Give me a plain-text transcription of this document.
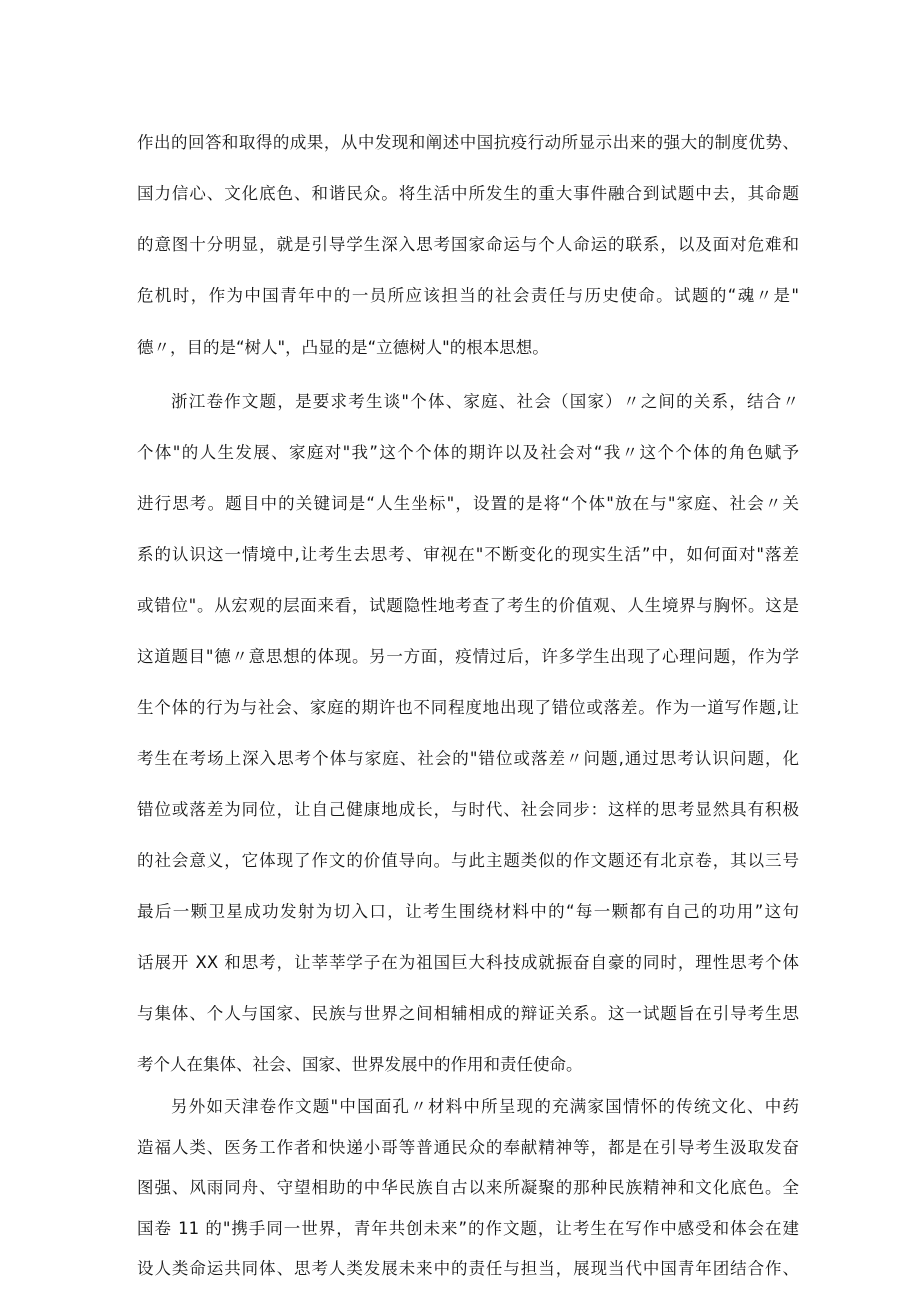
作出的回答和取得的成果，从中发现和阐述中国抗疫行动所显示出来的强大的制度优势、

国力信心、文化底色、和谐民众。将生活中所发生的重大事件融合到试题中去，其命题

的意图十分明显，就是引导学生深入思考国家命运与个人命运的联系，以及面对危难和

危机时，作为中国青年中的一员所应该担当的社会责任与历史使命。试题的“魂〃是"

德〃，目的是“树人"，凸显的是“立德树人"的根本思想。

浙江卷作文题，是要求考生谈"个体、家庭、社会（国家）〃之间的关系，结合〃

个体"的人生发展、家庭对"我”这个个体的期许以及社会对“我〃这个个体的角色赋予

进行思考。题目中的关键词是“人生坐标"，设置的是将“个体"放在与"家庭、社会〃关

系的认识这一情境中,让考生去思考、审视在"不断变化的现实生活”中，如何面对"落差

或错位"。从宏观的层面来看，试题隐性地考查了考生的价值观、人生境界与胸怀。这是

这道题目"德〃意思想的体现。另一方面，疫情过后，许多学生出现了心理问题，作为学

生个体的行为与社会、家庭的期许也不同程度地出现了错位或落差。作为一道写作题,让

考生在考场上深入思考个体与家庭、社会的"错位或落差〃问题,通过思考认识问题，化

错位或落差为同位，让自己健康地成长，与时代、社会同步：这样的思考显然具有积极

的社会意义，它体现了作文的价值导向。与此主题类似的作文题还有北京卷，其以三号

最后一颗卫星成功发射为切入口，让考生围绕材料中的“每一颗都有自己的功用”这句

话展开 XX 和思考，让莘莘学子在为祖国巨大科技成就振奋自豪的同时，理性思考个体

与集体、个人与国家、民族与世界之间相辅相成的辩证关系。这一试题旨在引导考生思

考个人在集体、社会、国家、世界发展中的作用和责任使命。

另外如天津卷作文题"中国面孔〃材料中所呈现的充满家国情怀的传统文化、中药

造福人类、医务工作者和快递小哥等普通民众的奉献精神等，都是在引导考生汲取发奋

图强、风雨同舟、守望相助的中华民族自古以来所凝聚的那种民族精神和文化底色。全

国卷 11 的"携手同一世界，青年共创未来”的作文题，让考生在写作中感受和体会在建

设人类命运共同体、思考人类发展未来中的责任与担当，展现当代中国青年团结合作、
